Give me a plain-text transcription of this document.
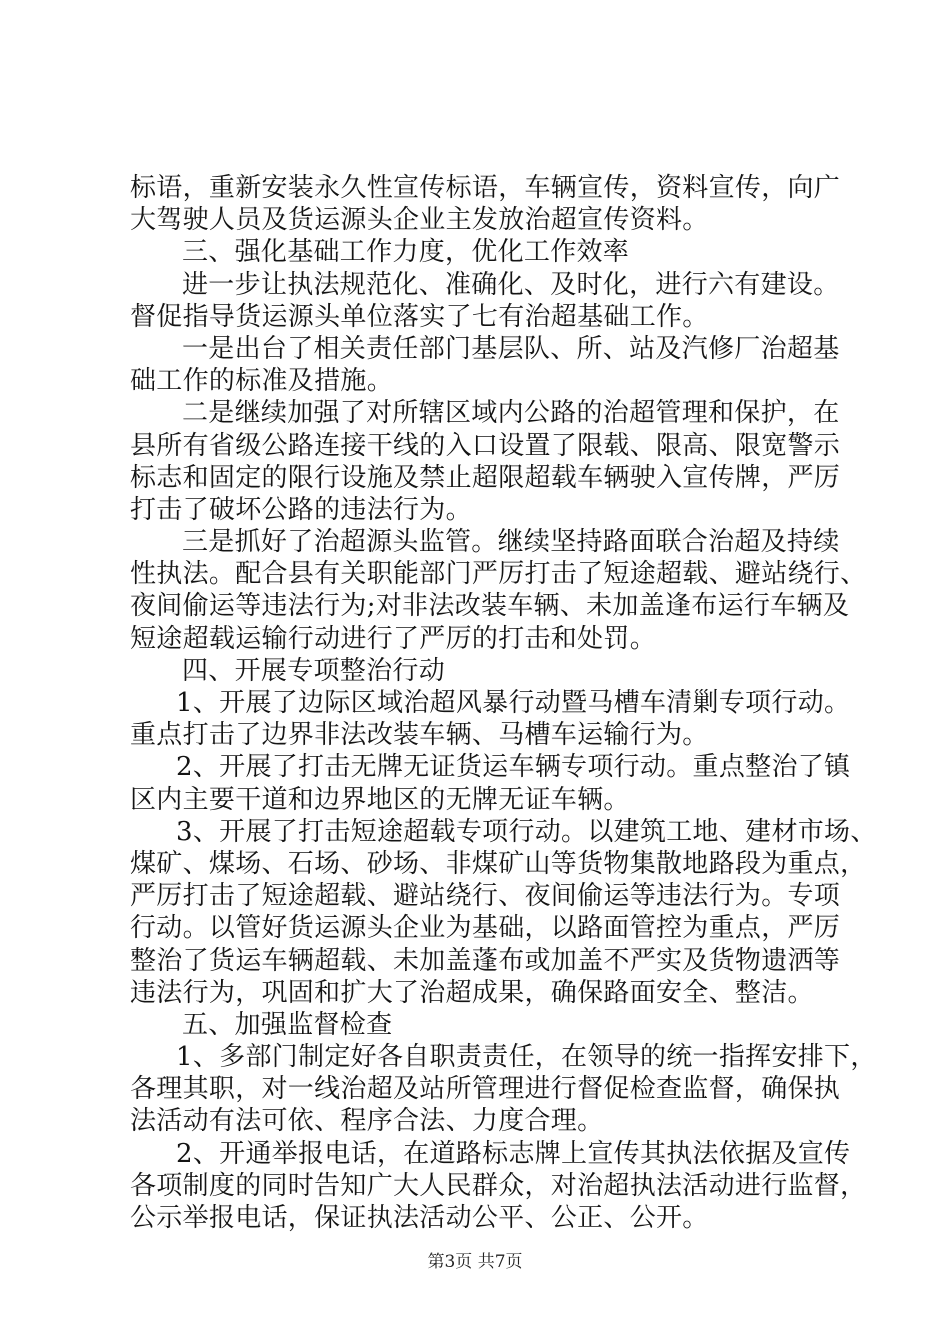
标语，重新安装永久性宣传标语，车辆宣传，资料宣传，向广
大驾驶人员及货运源头企业主发放治超宣传资料。
三、强化基础工作力度，优化工作效率
进一步让执法规范化、准确化、及时化，进行六有建设。
督促指导货运源头单位落实了七有治超基础工作。
一是出台了相关责任部门基层队、所、站及汽修厂治超基
础工作的标准及措施。
二是继续加强了对所辖区域内公路的治超管理和保护，在
县所有省级公路连接干线的入口设置了限载、限高、限宽警示
标志和固定的限行设施及禁止超限超载车辆驶入宣传牌，严厉
打击了破坏公路的违法行为。
三是抓好了治超源头监管。继续坚持路面联合治超及持续
性执法。配合县有关职能部门严厉打击了短途超载、避站绕行、
夜间偷运等违法行为;对非法改装车辆、未加盖逢布运行车辆及
短途超载运输行动进行了严厉的打击和处罚。
四、开展专项整治行动
1、开展了边际区域治超风暴行动暨马槽车清剿专项行动。
重点打击了边界非法改装车辆、马槽车运输行为。
2、开展了打击无牌无证货运车辆专项行动。重点整治了镇
区内主要干道和边界地区的无牌无证车辆。
3、开展了打击短途超载专项行动。以建筑工地、建材市场、
煤矿、煤场、石场、砂场、非煤矿山等货物集散地路段为重点，
严厉打击了短途超载、避站绕行、夜间偷运等违法行为。专项
行动。以管好货运源头企业为基础，以路面管控为重点，严厉
整治了货运车辆超载、未加盖蓬布或加盖不严实及货物遗洒等
违法行为，巩固和扩大了治超成果，确保路面安全、整洁。
五、加强监督检查
1、多部门制定好各自职责责任，在领导的统一指挥安排下，
各理其职，对一线治超及站所管理进行督促检查监督，确保执
法活动有法可依、程序合法、力度合理。
2、开通举报电话，在道路标志牌上宣传其执法依据及宣传
各项制度的同时告知广大人民群众，对治超执法活动进行监督，
公示举报电话，保证执法活动公平、公正、公开。
第3页 共7页
